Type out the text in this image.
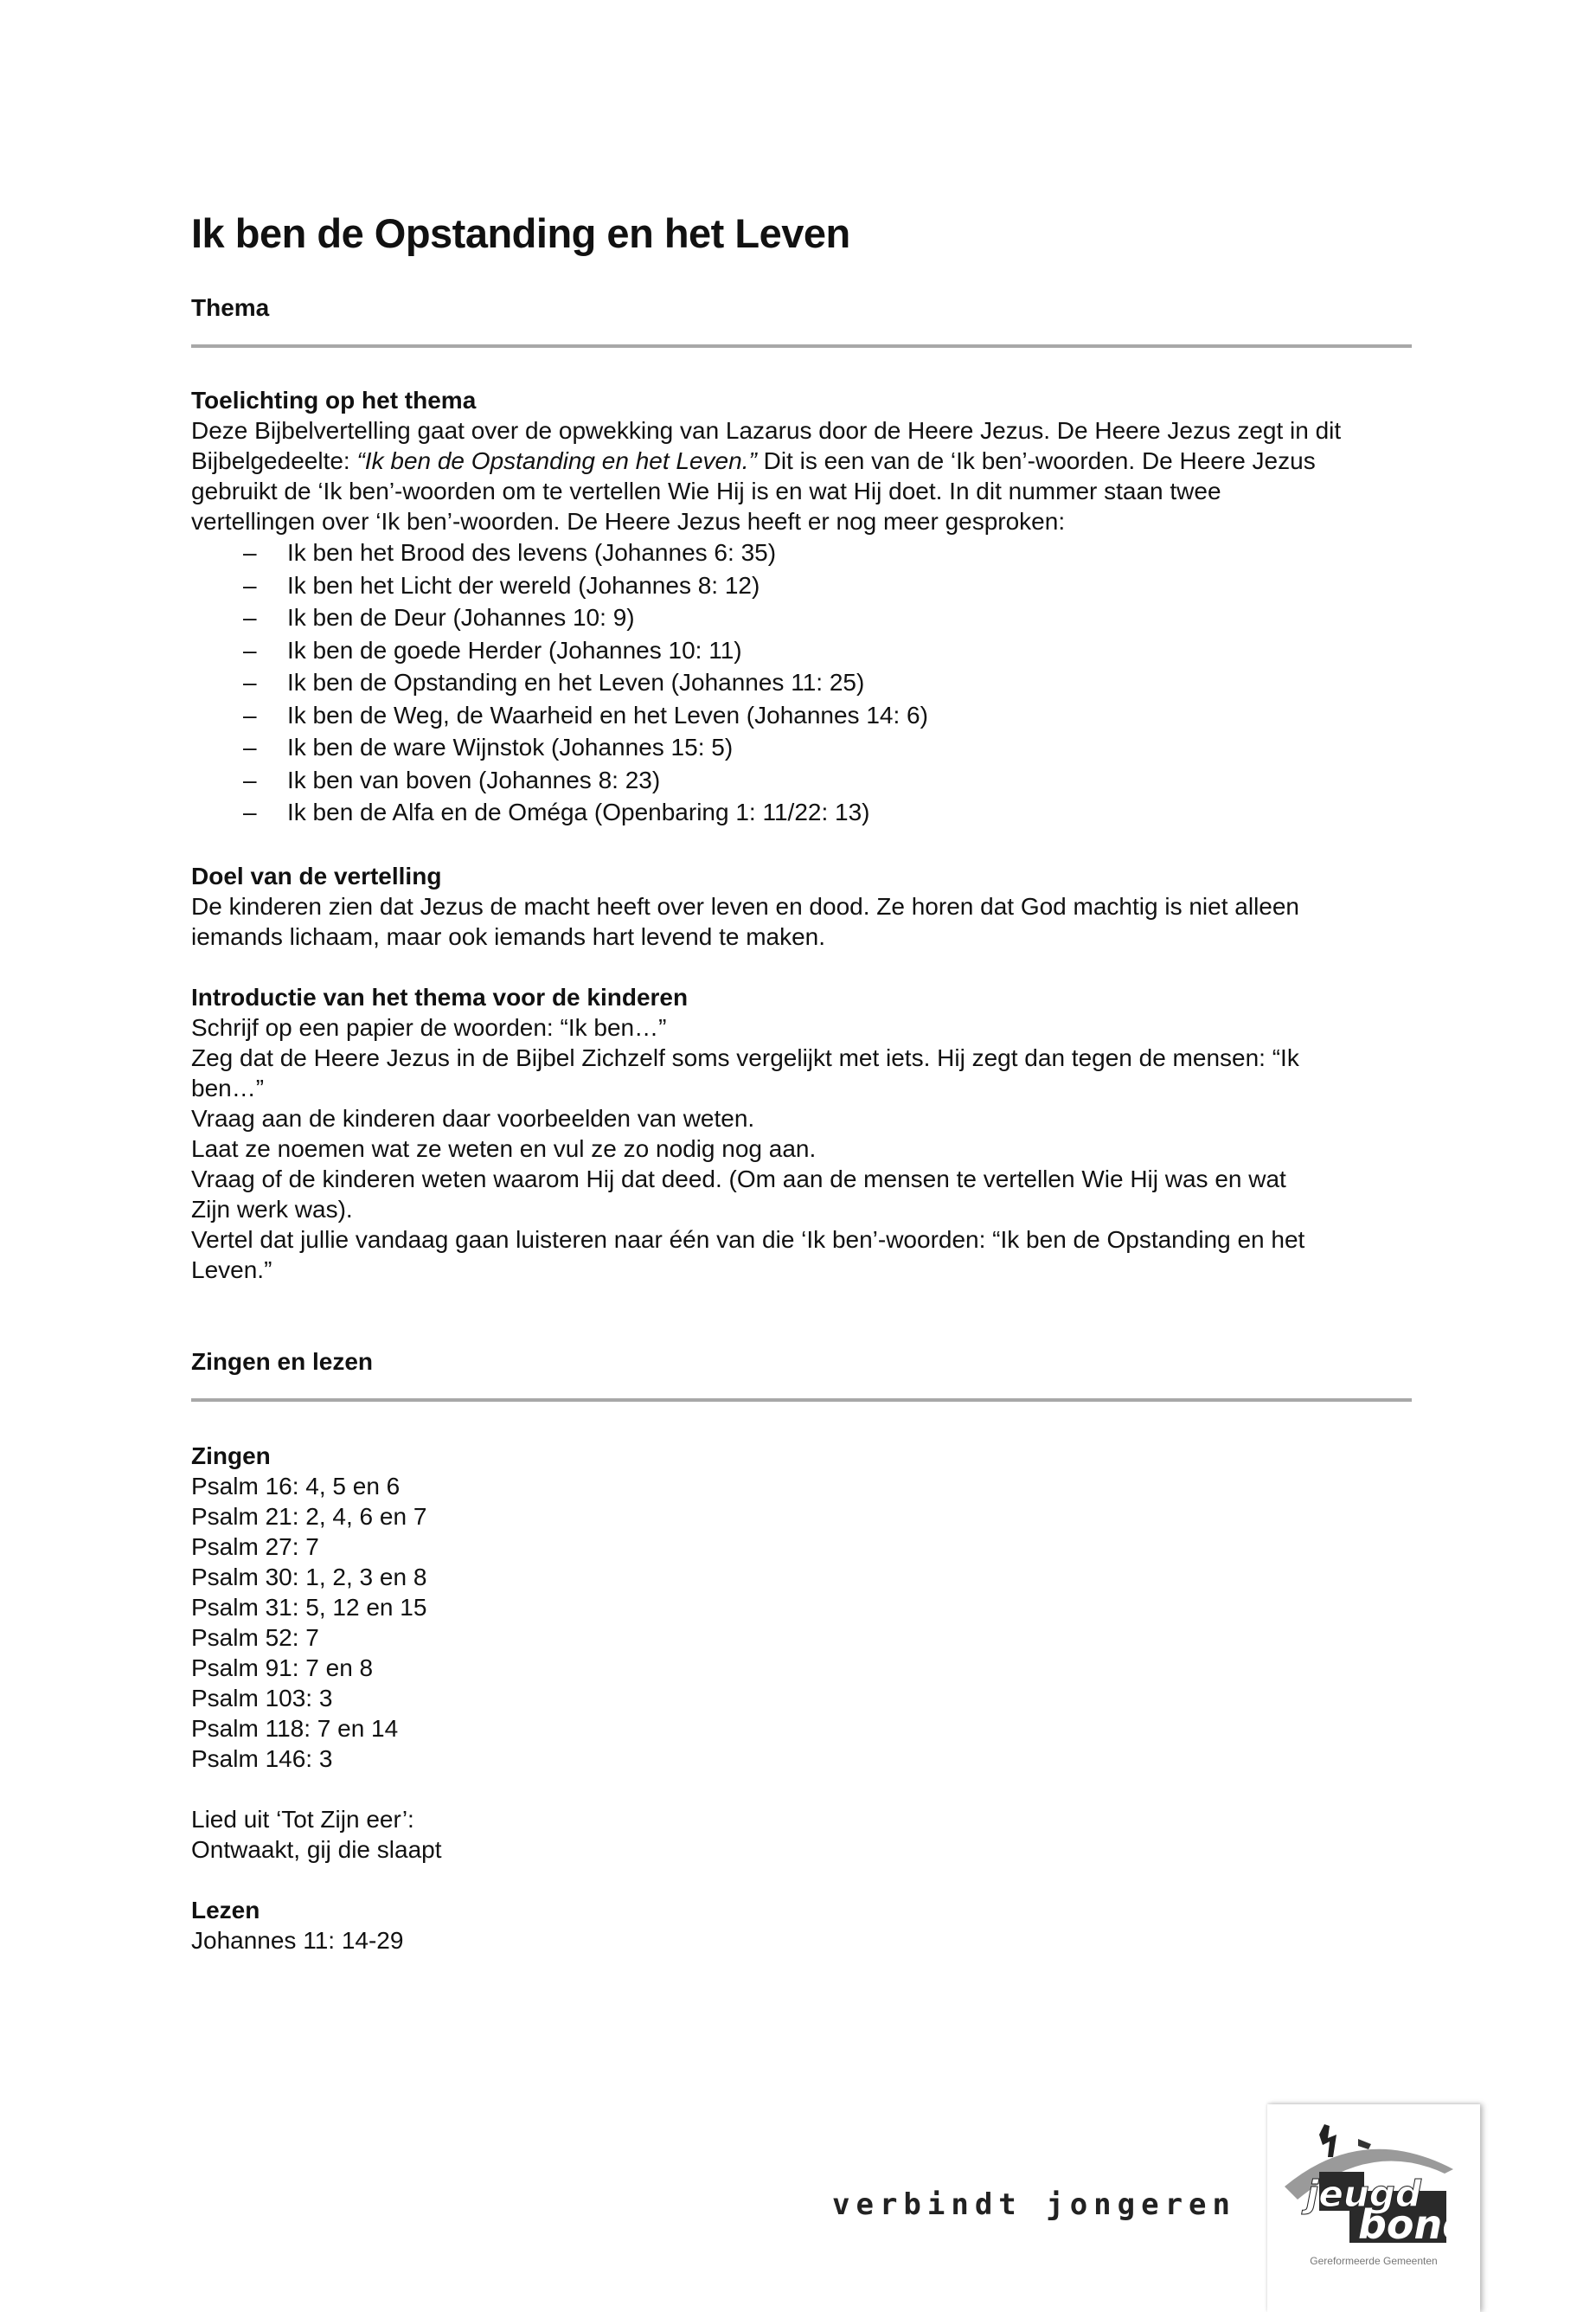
Ik ben de Opstanding en het Leven
Thema
Toelichting op het thema
Deze Bijbelvertelling gaat over de opwekking van Lazarus door de Heere Jezus. De Heere Jezus zegt in dit
Bijbelgedeelte: “Ik ben de Opstanding en het Leven.” Dit is een van de ‘Ik ben’-woorden. De Heere Jezus
gebruikt de ‘Ik ben’-woorden om te vertellen Wie Hij is en wat Hij doet. In dit nummer staan twee
vertellingen over ‘Ik ben’-woorden. De Heere Jezus heeft er nog meer gesproken:
– Ik ben het Brood des levens (Johannes 6: 35)
– Ik ben het Licht der wereld (Johannes 8: 12)
– Ik ben de Deur (Johannes 10: 9)
– Ik ben de goede Herder (Johannes 10: 11)
– Ik ben de Opstanding en het Leven (Johannes 11: 25)
– Ik ben de Weg, de Waarheid en het Leven (Johannes 14: 6)
– Ik ben de ware Wijnstok (Johannes 15: 5)
– Ik ben van boven (Johannes 8: 23)
– Ik ben de Alfa en de Oméga (Openbaring 1: 11/22: 13)
Doel van de vertelling
De kinderen zien dat Jezus de macht heeft over leven en dood. Ze horen dat God machtig is niet alleen
iemands lichaam, maar ook iemands hart levend te maken.
Introductie van het thema voor de kinderen
Schrijf op een papier de woorden: “Ik ben…”
Zeg dat de Heere Jezus in de Bijbel Zichzelf soms vergelijkt met iets. Hij zegt dan tegen de mensen: “Ik
ben…”
Vraag aan de kinderen daar voorbeelden van weten.
Laat ze noemen wat ze weten en vul ze zo nodig nog aan.
Vraag of de kinderen weten waarom Hij dat deed. (Om aan de mensen te vertellen Wie Hij was en wat
Zijn werk was).
Vertel dat jullie vandaag gaan luisteren naar één van die ‘Ik ben’-woorden: “Ik ben de Opstanding en het
Leven.”
Zingen en lezen
Zingen
Psalm 16: 4, 5 en 6
Psalm 21: 2, 4, 6 en 7
Psalm 27: 7
Psalm 30: 1, 2, 3 en 8
Psalm 31: 5, 12 en 15
Psalm 52: 7
Psalm 91: 7 en 8
Psalm 103: 3
Psalm 118: 7 en 14
Psalm 146: 3
Lied uit ‘Tot Zijn eer’:
Ontwaakt, gij die slaapt
Lezen
Johannes 11: 14-29
verbindt jongeren jeugd
bond
Gereformeerde Gemeenten
